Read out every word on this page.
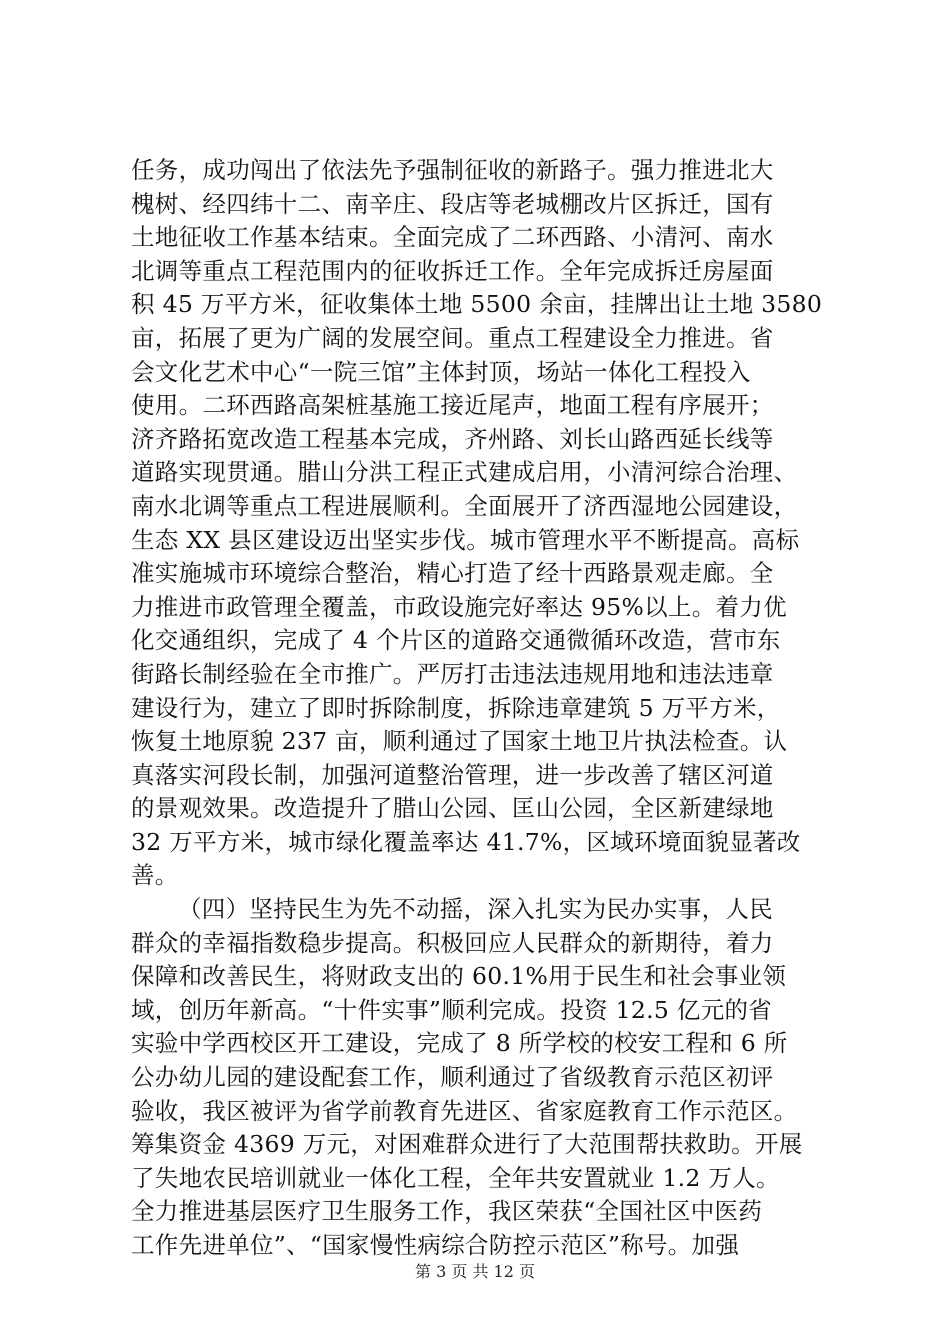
任务，成功闯出了依法先予强制征收的新路子。强力推进北大
槐树、经四纬十二、南辛庄、段店等老城棚改片区拆迁，国有
土地征收工作基本结束。全面完成了二环西路、小清河、南水
北调等重点工程范围内的征收拆迁工作。全年完成拆迁房屋面
积 45 万平方米，征收集体土地 5500 余亩，挂牌出让土地 3580
亩，拓展了更为广阔的发展空间。重点工程建设全力推进。省
会文化艺术中心“一院三馆”主体封顶，场站一体化工程投入
使用。二环西路高架桩基施工接近尾声，地面工程有序展开；
济齐路拓宽改造工程基本完成，齐州路、刘长山路西延长线等
道路实现贯通。腊山分洪工程正式建成启用，小清河综合治理、
南水北调等重点工程进展顺利。全面展开了济西湿地公园建设，
生态 XX 县区建设迈出坚实步伐。城市管理水平不断提高。高标
准实施城市环境综合整治，精心打造了经十西路景观走廊。全
力推进市政管理全覆盖，市政设施完好率达 95%以上。着力优
化交通组织，完成了 4 个片区的道路交通微循环改造，营市东
街路长制经验在全市推广。严厉打击违法违规用地和违法违章
建设行为，建立了即时拆除制度，拆除违章建筑 5 万平方米，
恢复土地原貌 237 亩，顺利通过了国家土地卫片执法检查。认
真落实河段长制，加强河道整治管理，进一步改善了辖区河道
的景观效果。改造提升了腊山公园、匡山公园，全区新建绿地
32 万平方米，城市绿化覆盖率达 41.7%，区域环境面貌显著改
善。
（四）坚持民生为先不动摇，深入扎实为民办实事，人民
群众的幸福指数稳步提高。积极回应人民群众的新期待，着力
保障和改善民生，将财政支出的 60.1%用于民生和社会事业领
域，创历年新高。“十件实事”顺利完成。投资 12.5 亿元的省
实验中学西校区开工建设，完成了 8 所学校的校安工程和 6 所
公办幼儿园的建设配套工作，顺利通过了省级教育示范区初评
验收，我区被评为省学前教育先进区、省家庭教育工作示范区。
筹集资金 4369 万元，对困难群众进行了大范围帮扶救助。开展
了失地农民培训就业一体化工程，全年共安置就业 1.2 万人。
全力推进基层医疗卫生服务工作，我区荣获“全国社区中医药
工作先进单位”、“国家慢性病综合防控示范区”称号。加强
第 3 页 共 12 页
